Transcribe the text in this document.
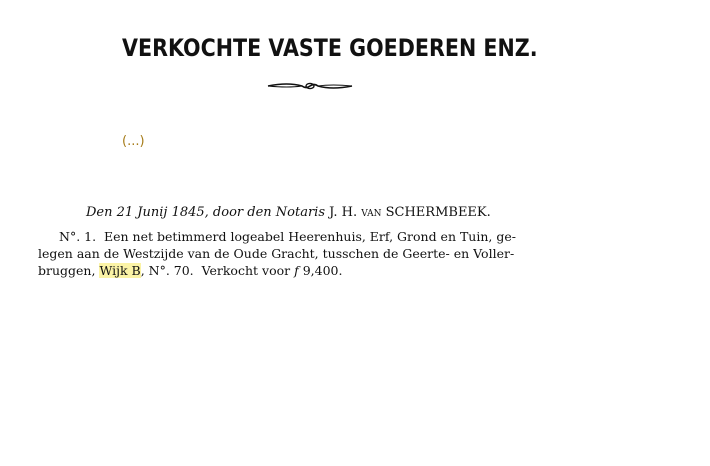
VERKOCHTE VASTE GOEDEREN ENZ.
(...)
Den 21 Junij 1845, door den Notaris J. H. van SCHERMBEEK.
N°. 1. Een net betimmerd logeabel Heerenhuis, Erf, Grond en Tuin, ge-
legen aan de Westzijde van de Oude Gracht, tusschen de Geerte- en Voller-
bruggen, Wijk B, N°. 70. Verkocht voor f 9,400.
